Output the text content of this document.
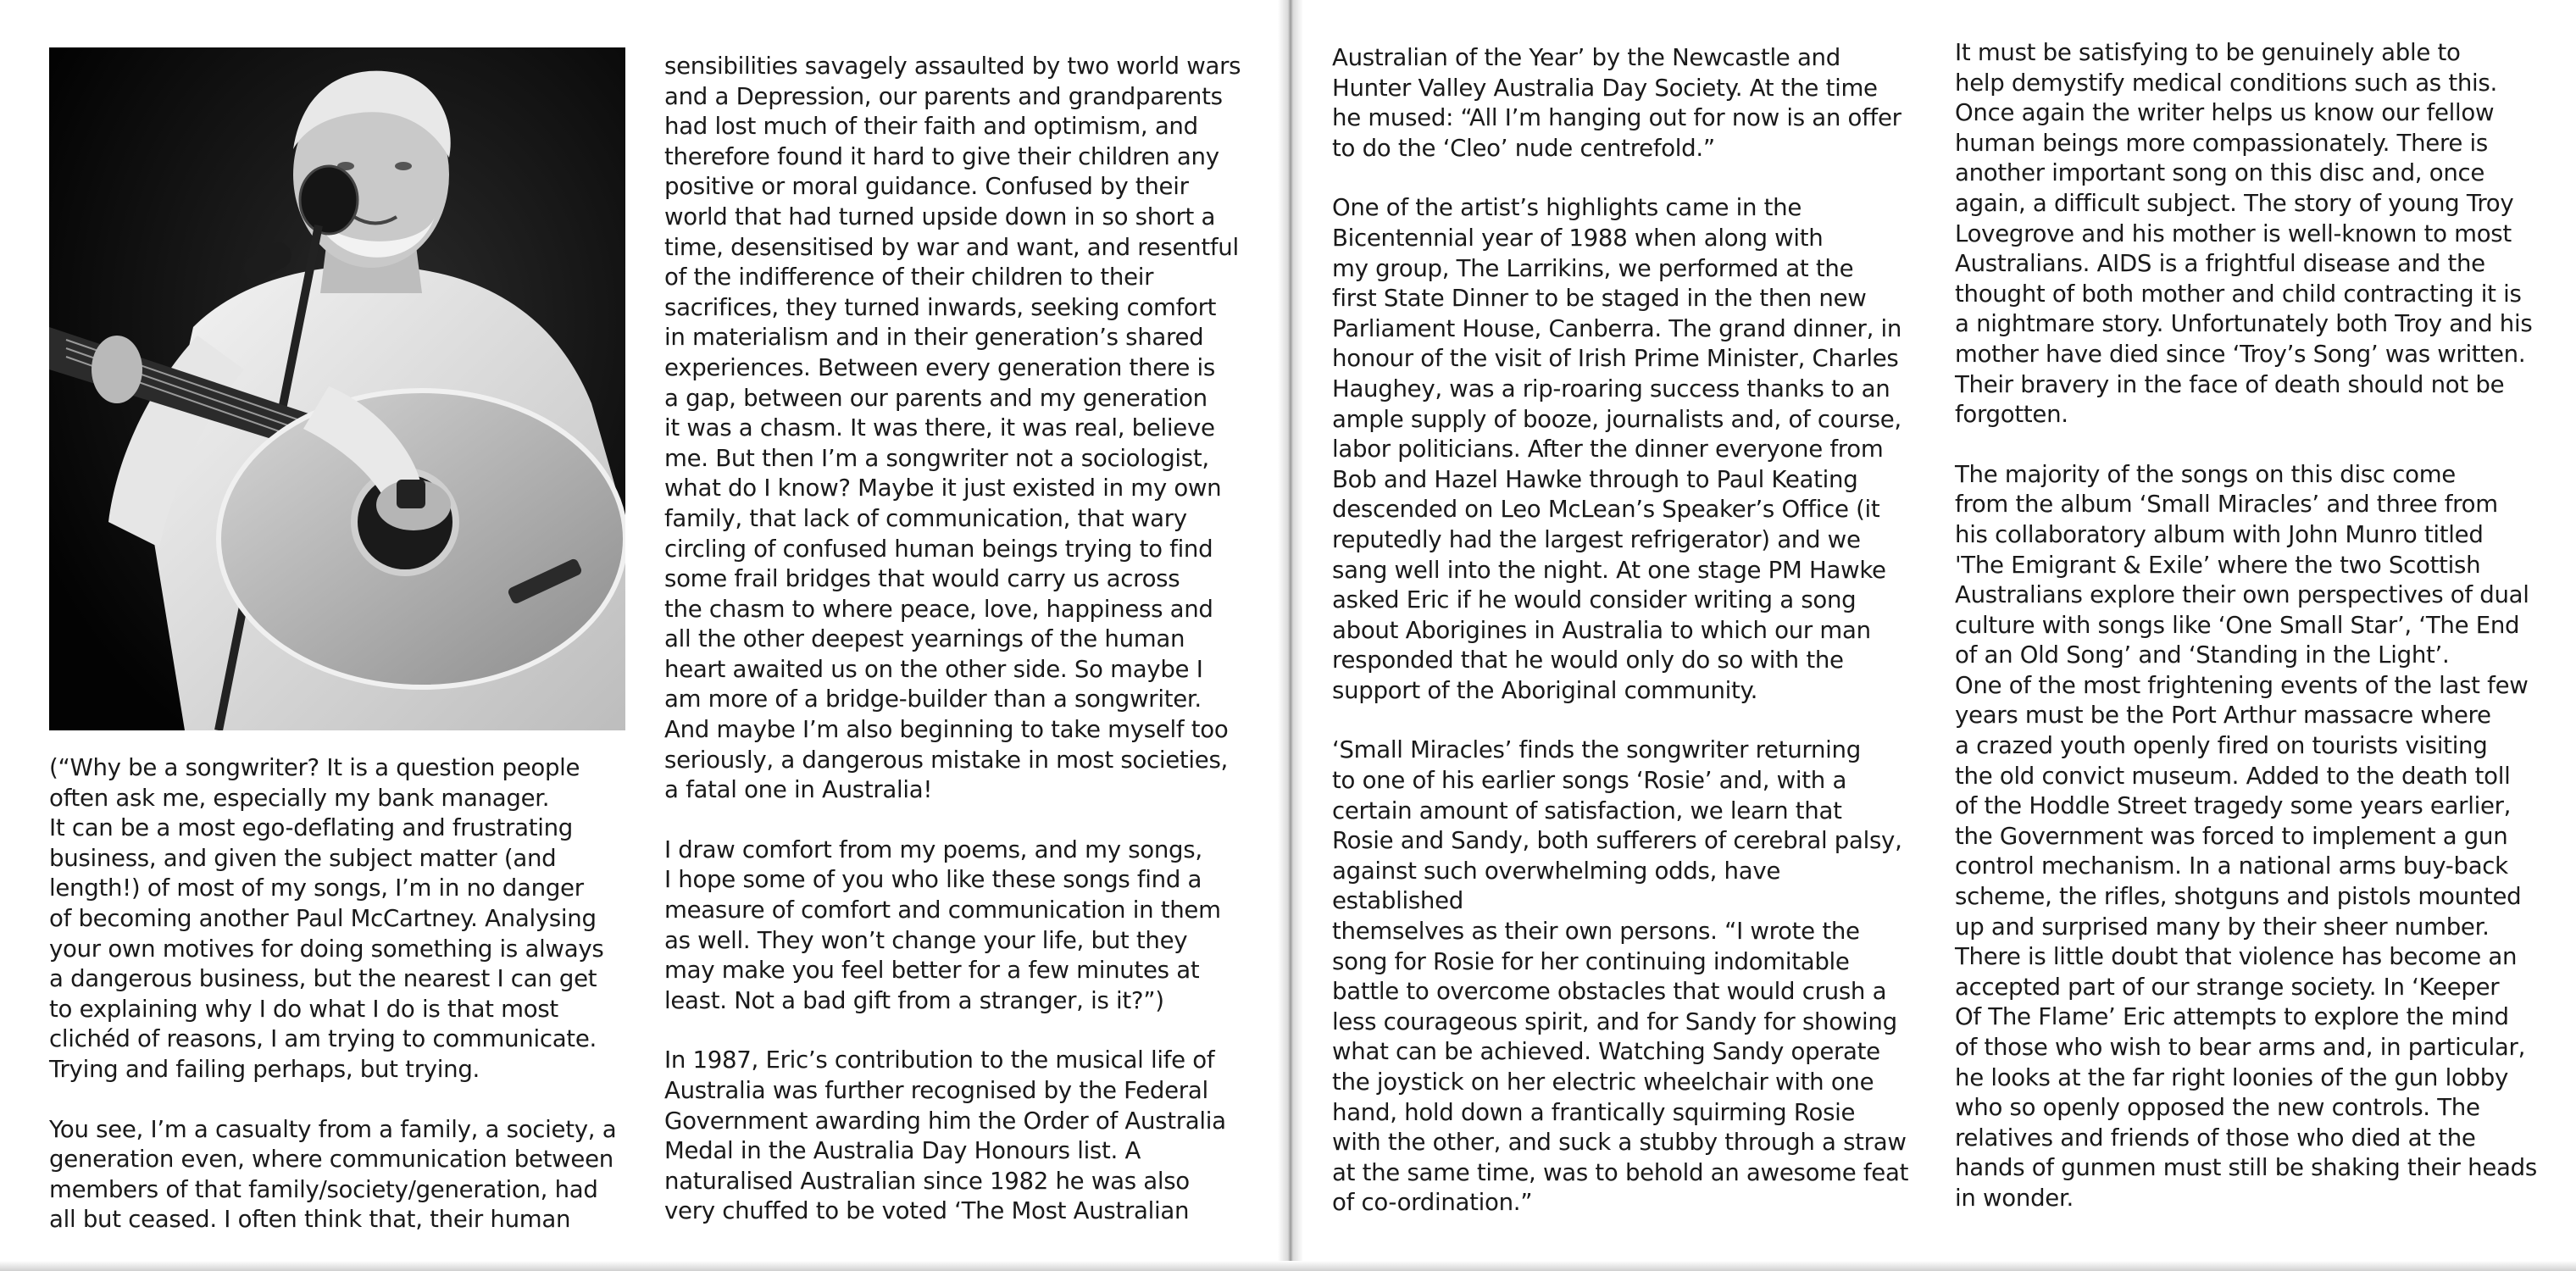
(“Why be a songwriter? It is a question people
often ask me, especially my bank manager.
It can be a most ego-deflating and frustrating
business, and given the subject matter (and
length!) of most of my songs, I’m in no danger
of becoming another Paul McCartney. Analysing
your own motives for doing something is always
a dangerous business, but the nearest I can get
to explaining why I do what I do is that most
clichéd of reasons, I am trying to communicate.
Trying and failing perhaps, but trying.

You see, I’m a casualty from a family, a society, a
generation even, where communication between
members of that family/society/generation, had
all but ceased. I often think that, their human

sensibilities savagely assaulted by two world wars
and a Depression, our parents and grandparents
had lost much of their faith and optimism, and
therefore found it hard to give their children any
positive or moral guidance. Confused by their
world that had turned upside down in so short a
time, desensitised by war and want, and resentful
of the indifference of their children to their
sacrifices, they turned inwards, seeking comfort
in materialism and in their generation’s shared
experiences. Between every generation there is
a gap, between our parents and my generation
it was a chasm. It was there, it was real, believe
me. But then I’m a songwriter not a sociologist,
what do I know? Maybe it just existed in my own
family, that lack of communication, that wary
circling of confused human beings trying to find
some frail bridges that would carry us across
the chasm to where peace, love, happiness and
all the other deepest yearnings of the human
heart awaited us on the other side. So maybe I
am more of a bridge-builder than a songwriter.
And maybe I’m also beginning to take myself too
seriously, a dangerous mistake in most societies,
a fatal one in Australia!

I draw comfort from my poems, and my songs,
I hope some of you who like these songs find a
measure of comfort and communication in them
as well. They won’t change your life, but they
may make you feel better for a few minutes at
least. Not a bad gift from a stranger, is it?”)

In 1987, Eric’s contribution to the musical life of
Australia was further recognised by the Federal
Government awarding him the Order of Australia
Medal in the Australia Day Honours list. A
naturalised Australian since 1982 he was also
very chuffed to be voted ‘The Most Australian

Australian of the Year’ by the Newcastle and
Hunter Valley Australia Day Society. At the time
he mused: “All I’m hanging out for now is an offer
to do the ‘Cleo’ nude centrefold.”

One of the artist’s highlights came in the
Bicentennial year of 1988 when along with
my group, The Larrikins, we performed at the
first State Dinner to be staged in the then new
Parliament House, Canberra. The grand dinner, in
honour of the visit of Irish Prime Minister, Charles
Haughey, was a rip-roaring success thanks to an
ample supply of booze, journalists and, of course,
labor politicians. After the dinner everyone from
Bob and Hazel Hawke through to Paul Keating
descended on Leo McLean’s Speaker’s Office (it
reputedly had the largest refrigerator) and we
sang well into the night. At one stage PM Hawke
asked Eric if he would consider writing a song
about Aborigines in Australia to which our man
responded that he would only do so with the
support of the Aboriginal community.

‘Small Miracles’ finds the songwriter returning
to one of his earlier songs ‘Rosie’ and, with a
certain amount of satisfaction, we learn that
Rosie and Sandy, both sufferers of cerebral palsy,
against such overwhelming odds, have established
themselves as their own persons. “I wrote the
song for Rosie for her continuing indomitable
battle to overcome obstacles that would crush a
less courageous spirit, and for Sandy for showing
what can be achieved. Watching Sandy operate
the joystick on her electric wheelchair with one
hand, hold down a frantically squirming Rosie
with the other, and suck a stubby through a straw
at the same time, was to behold an awesome feat
of co-ordination.”

It must be satisfying to be genuinely able to
help demystify medical conditions such as this.
Once again the writer helps us know our fellow
human beings more compassionately. There is
another important song on this disc and, once
again, a difficult subject. The story of young Troy
Lovegrove and his mother is well-known to most
Australians. AIDS is a frightful disease and the
thought of both mother and child contracting it is
a nightmare story. Unfortunately both Troy and his
mother have died since ‘Troy’s Song’ was written.
Their bravery in the face of death should not be
forgotten.

The majority of the songs on this disc come
from the album ‘Small Miracles’ and three from
his collaboratory album with John Munro titled
'The Emigrant & Exile’ where the two Scottish
Australians explore their own perspectives of dual
culture with songs like ‘One Small Star’, ‘The End
of an Old Song’ and ‘Standing in the Light’.
One of the most frightening events of the last few
years must be the Port Arthur massacre where
a crazed youth openly fired on tourists visiting
the old convict museum. Added to the death toll
of the Hoddle Street tragedy some years earlier,
the Government was forced to implement a gun
control mechanism. In a national arms buy-back
scheme, the rifles, shotguns and pistols mounted
up and surprised many by their sheer number.
There is little doubt that violence has become an
accepted part of our strange society. In ‘Keeper
Of The Flame’ Eric attempts to explore the mind
of those who wish to bear arms and, in particular,
he looks at the far right loonies of the gun lobby
who so openly opposed the new controls. The
relatives and friends of those who died at the
hands of gunmen must still be shaking their heads
in wonder.
